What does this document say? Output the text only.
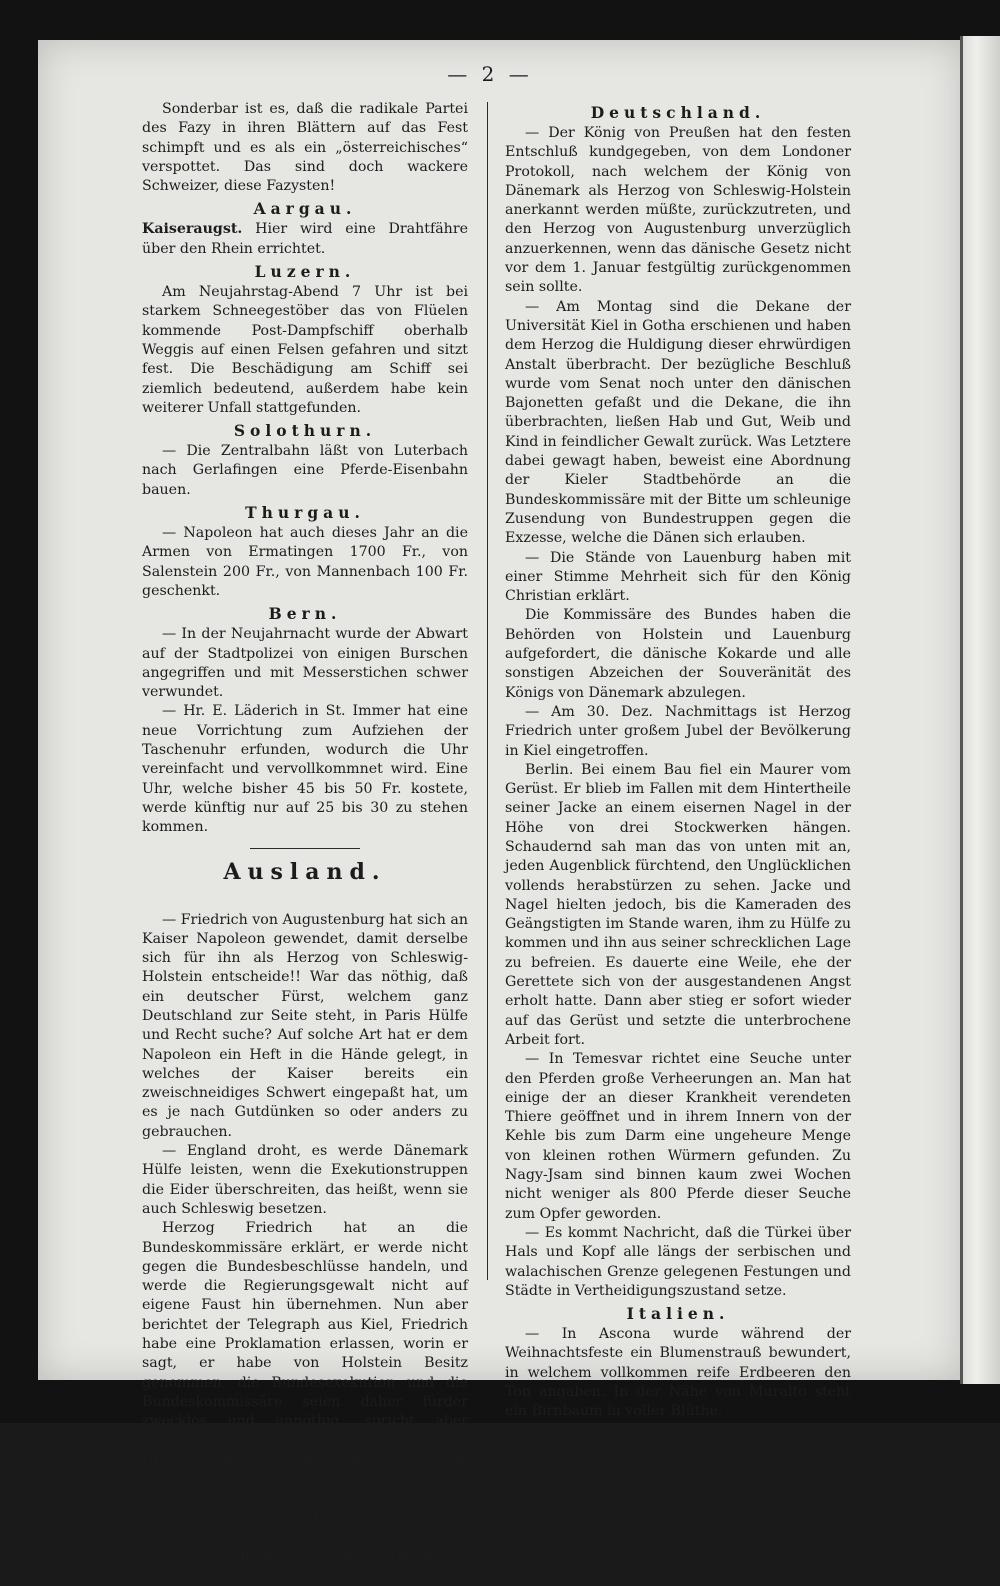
— 2 —

Sonderbar ist es, daß die radikale Partei des Fazy in ihren Blättern auf das Fest schimpft und es als ein „österreichisches“ verspottet. Das sind doch wackere Schweizer, diese Fazysten!

Aargau.

Kaiseraugst. Hier wird eine Drahtfähre über den Rhein errichtet.

Luzern.

Am Neujahrstag-Abend 7 Uhr ist bei starkem Schneegestöber das von Flüelen kommende Post-Dampfschiff oberhalb Weggis auf einen Felsen gefahren und sitzt fest. Die Beschädigung am Schiff sei ziemlich bedeutend, außerdem habe kein weiterer Unfall stattgefunden.

Solothurn.

— Die Zentralbahn läßt von Luterbach nach Gerlafingen eine Pferde-Eisenbahn bauen.

Thurgau.

— Napoleon hat auch dieses Jahr an die Armen von Ermatingen 1700 Fr., von Salenstein 200 Fr., von Mannenbach 100 Fr. geschenkt.

Bern.

— In der Neujahrnacht wurde der Abwart auf der Stadtpolizei von einigen Burschen angegriffen und mit Messerstichen schwer verwundet.

— Hr. E. Läderich in St. Immer hat eine neue Vorrichtung zum Aufziehen der Taschenuhr erfunden, wodurch die Uhr vereinfacht und vervollkommnet wird. Eine Uhr, welche bisher 45 bis 50 Fr. kostete, werde künftig nur auf 25 bis 30 zu stehen kommen.

Ausland.

— Friedrich von Augustenburg hat sich an Kaiser Napoleon gewendet, damit derselbe sich für ihn als Herzog von Schleswig-Holstein entscheide!! War das nöthig, daß ein deutscher Fürst, welchem ganz Deutschland zur Seite steht, in Paris Hülfe und Recht suche? Auf solche Art hat er dem Napoleon ein Heft in die Hände gelegt, in welches der Kaiser bereits ein zweischneidiges Schwert eingepaßt hat, um es je nach Gutdünken so oder anders zu gebrauchen.

— England droht, es werde Dänemark Hülfe leisten, wenn die Exekutionstruppen die Eider überschreiten, das heißt, wenn sie auch Schleswig besetzen.

Herzog Friedrich hat an die Bundeskommissäre erklärt, er werde nicht gegen die Bundesbeschlüsse handeln, und werde die Regierungsgewalt nicht auf eigene Faust hin übernehmen. Nun aber berichtet der Telegraph aus Kiel, Friedrich habe eine Proklamation erlassen, worin er sagt, er habe von Holstein Besitz genommen, die Bundesexekution und die Bundeskommissäre seien daher fürder zwecklos und unnöthig, spricht aber zugleich die Hoffnung aus, seine treuen Unterthanen werden einstweilen die provisorische Bundesverwaltung achten und jeden Anstoß mit derselben vermeiden. — Also Friedrich und Holstein fühlen sich allein schon stark genug; wahrscheinlich wollen sie sich und ihre Pläne mit Hülfe von Freischaaren behaupten.

Deutschland.

— Der König von Preußen hat den festen Entschluß kundgegeben, von dem Londoner Protokoll, nach welchem der König von Dänemark als Herzog von Schleswig-Holstein anerkannt werden müßte, zurückzutreten, und den Herzog von Augustenburg unverzüglich anzuerkennen, wenn das dänische Gesetz nicht vor dem 1. Januar festgültig zurückgenommen sein sollte.

— Am Montag sind die Dekane der Universität Kiel in Gotha erschienen und haben dem Herzog die Huldigung dieser ehrwürdigen Anstalt überbracht. Der bezügliche Beschluß wurde vom Senat noch unter den dänischen Bajonetten gefaßt und die Dekane, die ihn überbrachten, ließen Hab und Gut, Weib und Kind in feindlicher Gewalt zurück. Was Letztere dabei gewagt haben, beweist eine Abordnung der Kieler Stadtbehörde an die Bundeskommissäre mit der Bitte um schleunige Zusendung von Bundestruppen gegen die Exzesse, welche die Dänen sich erlauben.

— Die Stände von Lauenburg haben mit einer Stimme Mehrheit sich für den König Christian erklärt.

Die Kommissäre des Bundes haben die Behörden von Holstein und Lauenburg aufgefordert, die dänische Kokarde und alle sonstigen Abzeichen der Souveränität des Königs von Dänemark abzulegen.

— Am 30. Dez. Nachmittags ist Herzog Friedrich unter großem Jubel der Bevölkerung in Kiel eingetroffen.

Berlin. Bei einem Bau fiel ein Maurer vom Gerüst. Er blieb im Fallen mit dem Hintertheile seiner Jacke an einem eisernen Nagel in der Höhe von drei Stockwerken hängen. Schaudernd sah man das von unten mit an, jeden Augenblick fürchtend, den Unglücklichen vollends herabstürzen zu sehen. Jacke und Nagel hielten jedoch, bis die Kameraden des Geängstigten im Stande waren, ihm zu Hülfe zu kommen und ihn aus seiner schrecklichen Lage zu befreien. Es dauerte eine Weile, ehe der Gerettete sich von der ausgestandenen Angst erholt hatte. Dann aber stieg er sofort wieder auf das Gerüst und setzte die unterbrochene Arbeit fort.

— In Temesvar richtet eine Seuche unter den Pferden große Verheerungen an. Man hat einige der an dieser Krankheit verendeten Thiere geöffnet und in ihrem Innern von der Kehle bis zum Darm eine ungeheure Menge von kleinen rothen Würmern gefunden. Zu Nagy-Jsam sind binnen kaum zwei Wochen nicht weniger als 800 Pferde dieser Seuche zum Opfer geworden.

— Es kommt Nachricht, daß die Türkei über Hals und Kopf alle längs der serbischen und walachischen Grenze gelegenen Festungen und Städte in Vertheidigungszustand setze.

Italien.

— In Ascona wurde während der Weihnachtsfeste ein Blumenstrauß bewundert, in welchem vollkommen reife Erdbeeren den Ton angaben. In der Nähe von Muralto steht ein Birnbaum in voller Blüthe.
